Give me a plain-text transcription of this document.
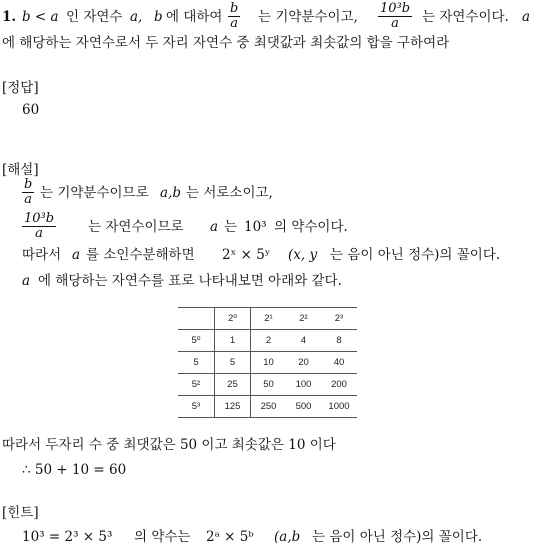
1. b < a 인 자연수 a, b 에 대하여 $\frac{b}{a}$ 는 기약분수이고, $\frac{\text{10³b}}{a}$ 는 자연수이다. a
에 해당하는 자연수로서 두 자리 자연수 중 최댓값과 최솟값의 합을 구하여라
[정답]
60
[해설]
$\frac{b}{a}$ 는 기약분수이므로 a,b 는 서로소이고,
$\frac{\text{10³b}}{a}$ 는 자연수이므로 a 는 10³ 의 약수이다.
따라서 a 를 소인수분해하면 2ˣ × 5ʸ (x, y 는 음이 아닌 정수)의 꼴이다.
a 에 해당하는 자연수를 표로 나타내보면 아래와 같다.
	2⁰	2¹	2²	2³
5⁰	1	2	4	8
5	5	10	20	40
5²	25	50	100	200
5³	125	250	500	1000
따라서 두자리 수 중 최댓값은 50 이고 최솟값은 10 이다
∴ 50 + 10 = 60
[힌트]
10³ = 2³ × 5³ 의 약수는 2ᵃ × 5ᵇ (a,b 는 음이 아닌 정수)의 꼴이다.
